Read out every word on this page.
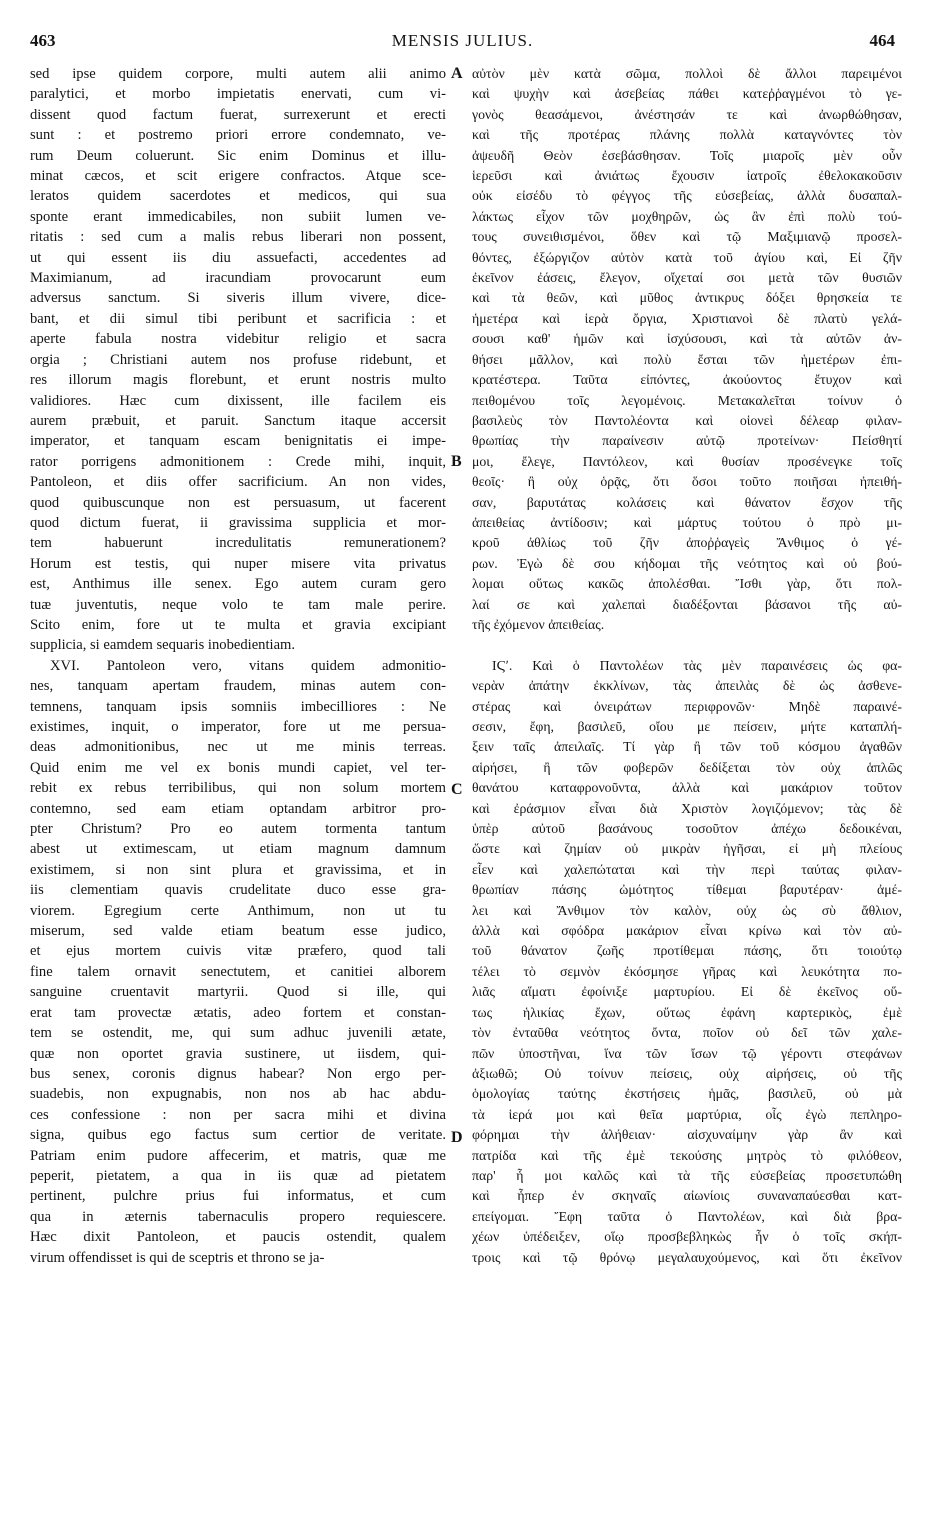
463	MENSIS JULIUS.	464
sed ipse quidem corpore, multi autem alii animo
paralytici, et morbo impietatis enervati, cum vi-
dissent quod factum fuerat, surrexerunt et erecti
sunt : et postremo priori errore condemnato, ve-
rum Deum coluerunt. Sic enim Dominus et illu-
minat cæcos, et scit erigere confractos. Atque sce-
leratos quidem sacerdotes et medicos, qui sua
sponte erant immedicabiles, non subiit lumen ve-
ritatis : sed cum a malis rebus liberari non possent,
ut qui essent iis diu assuefacti, accedentes ad
Maximianum, ad iracundiam provocarunt eum
adversus sanctum. Si siveris illum vivere, dice-
bant, et dii simul tibi peribunt et sacrificia : et
aperte fabula nostra videbitur religio et sacra
orgia ; Christiani autem nos profuse ridebunt, et
res illorum magis florebunt, et erunt nostris multo
validiores. Hæc cum dixissent, ille facilem eis
aurem præbuit, et paruit. Sanctum itaque accersit
imperator, et tanquam escam benignitatis ei impe-
rator porrigens admonitionem : Crede mihi, inquit,
Pantoleon, et diis offer sacrificium. An non vides,
quod quibuscunque non est persuasum, ut facerent
quod dictum fuerat, ii gravissima supplicia et mor-
tem habuerunt incredulitatis remunerationem?
Horum est testis, qui nuper misere vita privatus
est, Anthimus ille senex. Ego autem curam gero
tuæ juventutis, neque volo te tam male perire.
Scito enim, fore ut te multa et gravia excipiant
supplicia, si eamdem sequaris inobedientiam.
XVI. Pantoleon vero, vitans quidem admonitio-
nes, tanquam apertam fraudem, minas autem con-
temnens, tanquam ipsis somniis imbecilliores : Ne
existimes, inquit, o imperator, fore ut me persua-
deas admonitionibus, nec ut me minis terreas.
Quid enim me vel ex bonis mundi capiet, vel ter-
rebit ex rebus terribilibus, qui non solum mortem
contemno, sed eam etiam optandam arbitror pro-
pter Christum? Pro eo autem tormenta tantum
abest ut extimescam, ut etiam magnum damnum
existimem, si non sint plura et gravissima, et in
iis clementiam quavis crudelitate duco esse gra-
viorem. Egregium certe Anthimum, non ut tu
miserum, sed valde etiam beatum esse judico,
et ejus mortem cuivis vitæ præfero, quod tali
fine talem ornavit senectutem, et canitiei alborem
sanguine cruentavit martyrii. Quod si ille, qui
erat tam provectæ ætatis, adeo fortem et constan-
tem se ostendit, me, qui sum adhuc juvenili ætate,
quæ non oportet gravia sustinere, ut iisdem, qui-
bus senex, coronis dignus habear? Non ergo per-
suadebis, non expugnabis, non nos ab hac abdu-
ces confessione : non per sacra mihi et divina
signa, quibus ego factus sum certior de veritate.
Patriam enim pudore affecerim, et matris, quæ me
peperit, pietatem, a qua in iis quæ ad pietatem
pertinent, pulchre prius fui informatus, et cum
qua in æternis tabernaculis propero requiescere.
Hæc dixit Pantoleon, et paucis ostendit, qualem
virum offendisset is qui de sceptris et throno se ja-
αὐτὸν μὲν κατὰ σῶμα, πολλοὶ δὲ ἄλλοι παρειμένοι
καὶ ψυχὴν καὶ ἀσεβείας πάθει κατεῤῥαγμένοι τὸ γε-
γονὸς θεασάμενοι, ἀνέστησάν τε καὶ ἀνωρθώθησαν,
καὶ τῆς προτέρας πλάνης πολλὰ καταγνόντες τὸν
ἀψευδῆ Θεὸν ἐσεβάσθησαν. Τοῖς μιαροῖς μὲν οὖν
ἱερεῦσι καὶ ἀνιάτως ἔχουσιν ἰατροῖς ἐθελοκακοῦσιν
οὐκ εἰσέδυ τὸ φέγγος τῆς εὐσεβείας, ἀλλὰ δυσαπαλ-
λάκτως εἶχον τῶν μοχθηρῶν, ὡς ἂν ἐπὶ πολὺ τού-
τους συνειθισμένοι, ὅθεν καὶ τῷ Μαξιμιανῷ προσελ-
θόντες, ἐξώργιζον αὐτὸν κατὰ τοῦ ἁγίου καὶ, Εἰ ζῆν
ἐκεῖνον ἐάσεις, ἔλεγον, οἴχεταί σοι μετὰ τῶν θυσιῶν
καὶ τὰ θεῶν, καὶ μῦθος ἀντικρυς δόξει θρησκεία τε
ἡμετέρα καὶ ἱερὰ ὄργια, Χριστιανοὶ δὲ πλατὺ γελά-
σουσι καθ' ἡμῶν καὶ ἰσχύσουσι, καὶ τὰ αὐτῶν ἀν-
θήσει μᾶλλον, καὶ πολὺ ἔσται τῶν ἡμετέρων ἐπι-
κρατέστερα. Ταῦτα εἰπόντες, ἀκούοντος ἔτυχον καὶ
πειθομένου τοῖς λεγομένοις. Μετακαλεῖται τοίνυν ὁ
βασιλεὺς τὸν Παντολέοντα καὶ οἱονεὶ δέλεαρ φιλαν-
θρωπίας τὴν παραίνεσιν αὐτῷ προτείνων· Πείσθητί
μοι, ἔλεγε, Παντόλεον, καὶ θυσίαν προσένεγκε τοῖς
θεοῖς· ἢ οὐχ ὁρᾷς, ὅτι ὅσοι τοῦτο ποιῆσαι ἠπειθή-
σαν, βαρυτάτας κολάσεις καὶ θάνατον ἔσχον τῆς
ἀπειθείας ἀντίδοσιν; καὶ μάρτυς τούτου ὁ πρὸ μι-
κροῦ ἀθλίως τοῦ ζῆν ἀποῤῥαγεὶς Ἄνθιμος ὁ γέ-
ρων. Ἐγὼ δὲ σου κήδομαι τῆς νεότητος καὶ οὐ βού-
λομαι οὕτως κακῶς ἀπολέσθαι. Ἴσθι γὰρ, ὅτι πολ-
λαί σε καὶ χαλεπαὶ διαδέξονται βάσανοι τῆς αὐ-
τῆς ἐχόμενον ἀπειθείας.
ΙϚʹ. Καὶ ὁ Παντολέων τὰς μὲν παραινέσεις ὡς φα-
νερὰν ἀπάτην ἐκκλίνων, τὰς ἀπειλὰς δὲ ὡς ἀσθενε-
στέρας καὶ ὀνειράτων περιφρονῶν· Μηδὲ παραινέ-
σεσιν, ἔφη, βασιλεῦ, οἴου με πείσειν, μήτε καταπλή-
ξειν ταῖς ἀπειλαῖς. Τί γὰρ ἢ τῶν τοῦ κόσμου ἀγαθῶν
αἱρήσει, ἢ τῶν φοβερῶν δεδίξεται τὸν οὐχ ἁπλῶς
θανάτου καταφρονοῦντα, ἀλλὰ καὶ μακάριον τοῦτον
καὶ ἐράσμιον εἶναι διὰ Χριστὸν λογιζόμενον; τὰς δὲ
ὑπὲρ αὐτοῦ βασάνους τοσοῦτον ἀπέχω δεδοικέναι,
ὥστε καὶ ζημίαν οὐ μικρὰν ἡγῆσαι, εἰ μὴ πλείους
εἶεν καὶ χαλεπώταται καὶ τὴν περὶ ταύτας φιλαν-
θρωπίαν πάσης ὠμότητος τίθεμαι βαρυτέραν· ἀμέ-
λει καὶ Ἄνθιμον τὸν καλὸν, οὐχ ὡς σὺ ἄθλιον,
ἀλλὰ καὶ σφόδρα μακάριον εἶναι κρίνω καὶ τὸν αὐ-
τοῦ θάνατον ζωῆς προτίθεμαι πάσης, ὅτι τοιούτῳ
τέλει τὸ σεμνὸν ἐκόσμησε γῆρας καὶ λευκότητα πο-
λιᾶς αἵματι ἐφοίνιξε μαρτυρίου. Εἰ δὲ ἐκεῖνος οὕ-
τως ἡλικίας ἔχων, οὕτως ἐφάνη καρτερικὸς, ἐμὲ
τὸν ἐνταῦθα νεότητος ὄντα, ποῖον οὐ δεῖ τῶν χαλε-
πῶν ὑποστῆναι, ἵνα τῶν ἴσων τῷ γέροντι στεφάνων
ἀξιωθῶ; Οὐ τοίνυν πείσεις, οὐχ αἱρήσεις, οὐ τῆς
ὁμολογίας ταύτης ἐκστήσεις ἡμᾶς, βασιλεῦ, οὐ μὰ
τὰ ἱερά μοι καὶ θεῖα μαρτύρια, οἷς ἐγὼ πεπληρο-
φόρημαι τὴν ἀλήθειαν· αἰσχυναίμην γὰρ ἂν καὶ
πατρίδα καὶ τῆς ἐμὲ τεκούσης μητρὸς τὸ φιλόθεον,
παρ' ἧ μοι καλῶς καὶ τὰ τῆς εὐσεβείας προσετυπώθη
καὶ ἧπερ ἐν σκηναῖς αἰωνίοις συναναπαύεσθαι κατ-
επείγομαι. Ἔφη ταῦτα ὁ Παντολέων, καὶ διὰ βρα-
χέων ὑπέδειξεν, οἵῳ προσβεβληκὼς ἦν ὁ τοῖς σκήπ-
τροις καὶ τῷ θρόνῳ μεγαλαυχούμενος, καὶ ὅτι ἐκεῖνον
A
B
C
D
